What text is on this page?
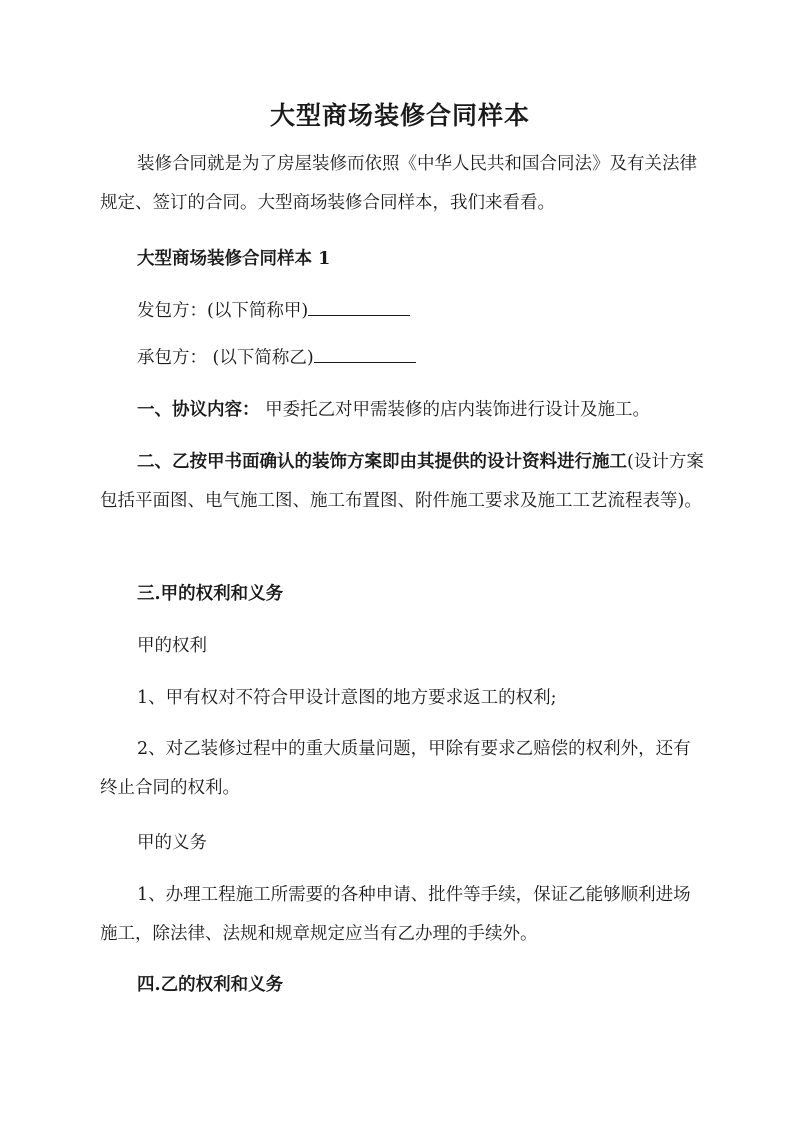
大型商场装修合同样本

装修合同就是为了房屋装修而依照《中华人民共和国合同法》及有关法律规定、签订的合同。大型商场装修合同样本，我们来看看。

大型商场装修合同样本 1

发包方：(以下简称甲)

承包方： (以下简称乙)

一、协议内容： 甲委托乙对甲需装修的店内装饰进行设计及施工。

二、乙按甲书面确认的装饰方案即由其提供的设计资料进行施工(设计方案包括平面图、电气施工图、施工布置图、附件施工要求及施工工艺流程表等)。

三.甲的权利和义务

甲的权利

1、甲有权对不符合甲设计意图的地方要求返工的权利;

2、对乙装修过程中的重大质量问题，甲除有要求乙赔偿的权利外，还有终止合同的权利。

甲的义务

1、办理工程施工所需要的各种申请、批件等手续，保证乙能够顺利进场施工，除法律、法规和规章规定应当有乙办理的手续外。

四.乙的权利和义务
